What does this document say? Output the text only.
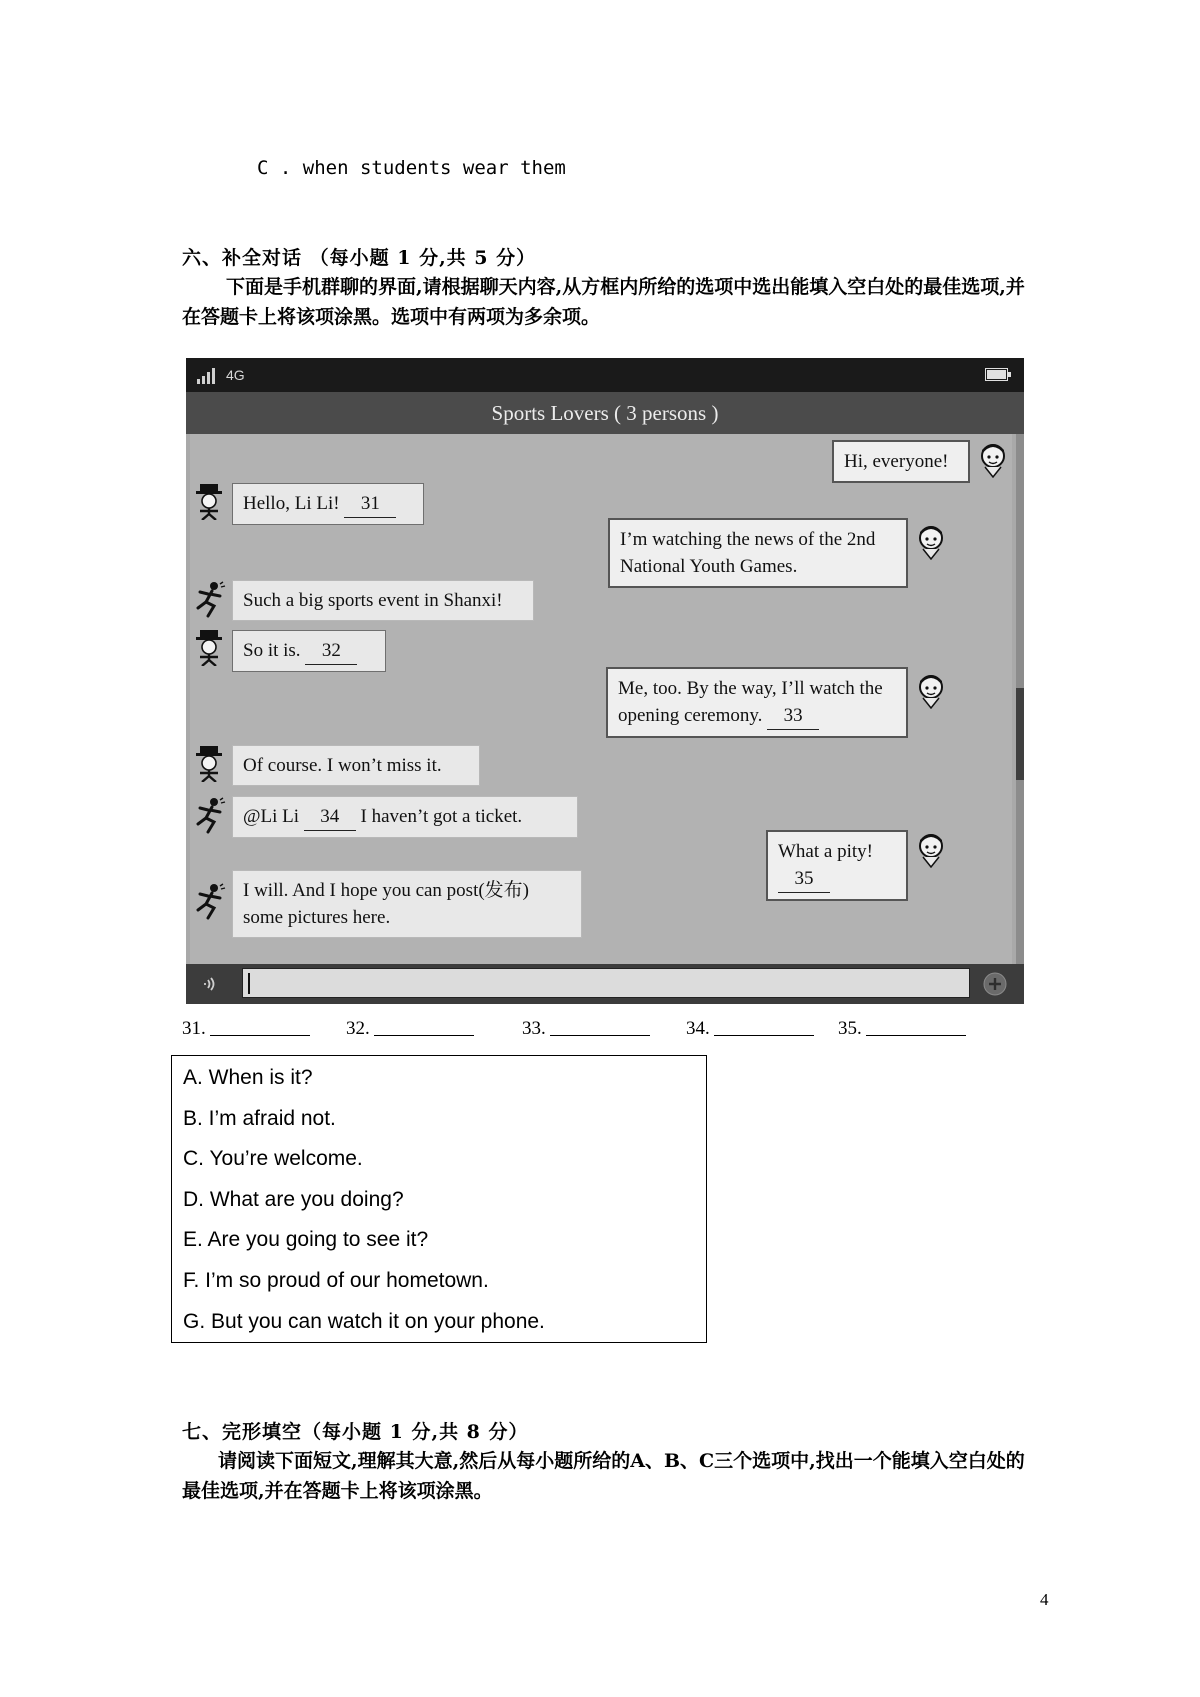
C . when students wear them
六、补全对话 （每小题 1 分,共 5 分）
下面是手机群聊的界面,请根据聊天内容,从方框内所给的选项中选出能填入空白处的最佳选项,并在答题卡上将该项涂黑。选项中有两项为多余项。
4G
Sports Lovers ( 3 persons )
Hi, everyone!
Hello, Li Li! 31
I’m watching the news of the 2nd National Youth Games.
Such a big sports event in Shanxi!
So it is. 32
Me, too. By the way, I’ll watch the opening ceremony. 33
Of course. I won’t miss it.
@Li Li 34 I haven’t got a ticket.
What a pity! 35
I will. And I hope you can post(发布) some pictures here.
31.	32.	33.	34.	35.
A. When is it?
B. I’m afraid not.
C. You’re welcome.
D. What are you doing?
E. Are you going to see it?
F. I’m so proud of our hometown.
G. But you can watch it on your phone.
七、完形填空（每小题 1 分,共 8 分）
请阅读下面短文,理解其大意,然后从每小题所给的A、B、C三个选项中,找出一个能填入空白处的最佳选项,并在答题卡上将该项涂黑。
4
